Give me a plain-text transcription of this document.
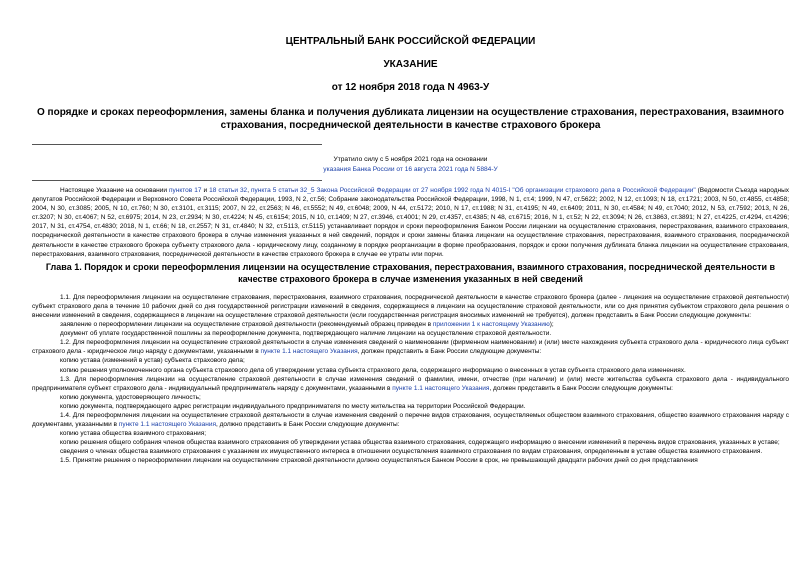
ЦЕНТРАЛЬНЫЙ БАНК РОССИЙСКОЙ ФЕДЕРАЦИИ
УКАЗАНИЕ
от 12 ноября 2018 года N 4963-У
О порядке и сроках переоформления, замены бланка и получения дубликата лицензии на осуществление страхования, перестрахования, взаимного страхования, посреднической деятельности в качестве страхового брокера
Утратило силу с 5 ноября 2021 года на основании
указания Банка России от 16 августа 2021 года N 5884-У

Настоящее Указание на основании пунктов 17 и 18 статьи 32, пункта 5 статьи 32_5 Закона Российской Федерации от 27 ноября 1992 года N 4015-I "Об организации страхового дела в Российской Федерации" (Ведомости Съезда народных депутатов Российской Федерации и Верховного Совета Российской Федерации, 1993, N 2, ст.56; Собрание законодательства Российской Федерации, 1998, N 1, ст.4; 1999, N 47, ст.5622; 2002, N 12, ст.1093; N 18, ст.1721; 2003, N 50, ст.4855, ст.4858; 2004, N 30, ст.3085; 2005, N 10, ст.760; N 30, ст.3101, ст.3115; 2007, N 22, ст.2563; N 46, ст.5552; N 49, ст.6048; 2009, N 44, ст.5172; 2010, N 17, ст.1988; N 31, ст.4195; N 49, ст.6409; 2011, N 30, ст.4584; N 49, ст.7040; 2012, N 53, ст.7592; 2013, N 26, ст.3207; N 30, ст.4067; N 52, ст.6975; 2014, N 23, ст.2934; N 30, ст.4224; N 45, ст.6154; 2015, N 10, ст.1409; N 27, ст.3946, ст.4001; N 29, ст.4357, ст.4385; N 48, ст.6715; 2016, N 1, ст.52; N 22, ст.3094; N 26, ст.3863, ст.3891; N 27, ст.4225, ст.4294, ст.4296; 2017, N 31, ст.4754, ст.4830; 2018, N 1, ст.66; N 18, ст.2557; N 31, ст.4840; N 32, ст.5113, ст.5115) устанавливает порядок и сроки переоформления Банком России лицензии на осуществление страхования, перестрахования, взаимного страхования, посреднической деятельности в качестве страхового брокера в случае изменения указанных в ней сведений, порядок и сроки замены бланка лицензии на осуществление страхования, перестрахования, взаимного страхования, посреднической деятельности в качестве страхового брокера субъекту страхового дела - юридическому лицу, созданному в порядке реорганизации в форме преобразования, порядок и сроки получения дубликата бланка лицензии на осуществление страхования, перестрахования, взаимного страхования, посреднической деятельности в качестве страхового брокера в случае ее утраты или порчи.

Глава 1. Порядок и сроки переоформления лицензии на осуществление страхования, перестрахования, взаимного страхования, посреднической деятельности в качестве страхового брокера в случае изменения указанных в ней сведений

1.1. Для переоформления лицензии на осуществление страхования, перестрахования, взаимного страхования, посреднической деятельности в качестве страхового брокера (далее - лицензия на осуществление страховой деятельности) субъект страхового дела в течение 10 рабочих дней со дня государственной регистрации изменений в сведения, содержащиеся в лицензии на осуществление страховой деятельности, или со дня принятия субъектом страхового дела решения о внесении изменений в сведения, содержащиеся в лицензии на осуществление страховой деятельности (если государственная регистрация вносимых изменений не требуется), должен представить в Банк России следующие документы:

заявление о переоформлении лицензии на осуществление страховой деятельности (рекомендуемый образец приведен в приложении 1 к настоящему Указанию);

документ об уплате государственной пошлины за переоформление документа, подтверждающего наличие лицензии на осуществление страховой деятельности.

1.2. Для переоформления лицензии на осуществление страховой деятельности в случае изменения сведений о наименовании (фирменном наименовании) и (или) месте нахождения субъекта страхового дела - юридического лица субъект страхового дела - юридическое лицо наряду с документами, указанными в пункте 1.1 настоящего Указания, должен представить в Банк России следующие документы:

копию устава (изменений в устав) субъекта страхового дела;

копию решения уполномоченного органа субъекта страхового дела об утверждении устава субъекта страхового дела, содержащего информацию о внесенных в устав субъекта страхового дела изменениях.

1.3. Для переоформления лицензии на осуществление страховой деятельности в случае изменения сведений о фамилии, имени, отчестве (при наличии) и (или) месте жительства субъекта страхового дела - индивидуального предпринимателя субъект страхового дела - индивидуальный предприниматель наряду с документами, указанными в пункте 1.1 настоящего Указания, должен представить в Банк России следующие документы:

копию документа, удостоверяющего личность;

копию документа, подтверждающего адрес регистрации индивидуального предпринимателя по месту жительства на территории Российской Федерации.

1.4. Для переоформления лицензии на осуществление страховой деятельности в случае изменения сведений о перечне видов страхования, осуществляемых обществом взаимного страхования, общество взаимного страхования наряду с документами, указанными в пункте 1.1 настоящего Указания, должно представить в Банк России следующие документы:

копию устава общества взаимного страхования;

копию решения общего собрания членов общества взаимного страхования об утверждении устава общества взаимного страхования, содержащего информацию о внесении изменений в перечень видов страхования, указанных в уставе;

сведения о членах общества взаимного страхования с указанием их имущественного интереса в отношении осуществления взаимного страхования по видам страхования, определенным в уставе общества взаимного страхования.

1.5. Принятие решения о переоформлении лицензии на осуществление страховой деятельности должно осуществляться Банком России в срок, не превышающий двадцати рабочих дней со дня представления
